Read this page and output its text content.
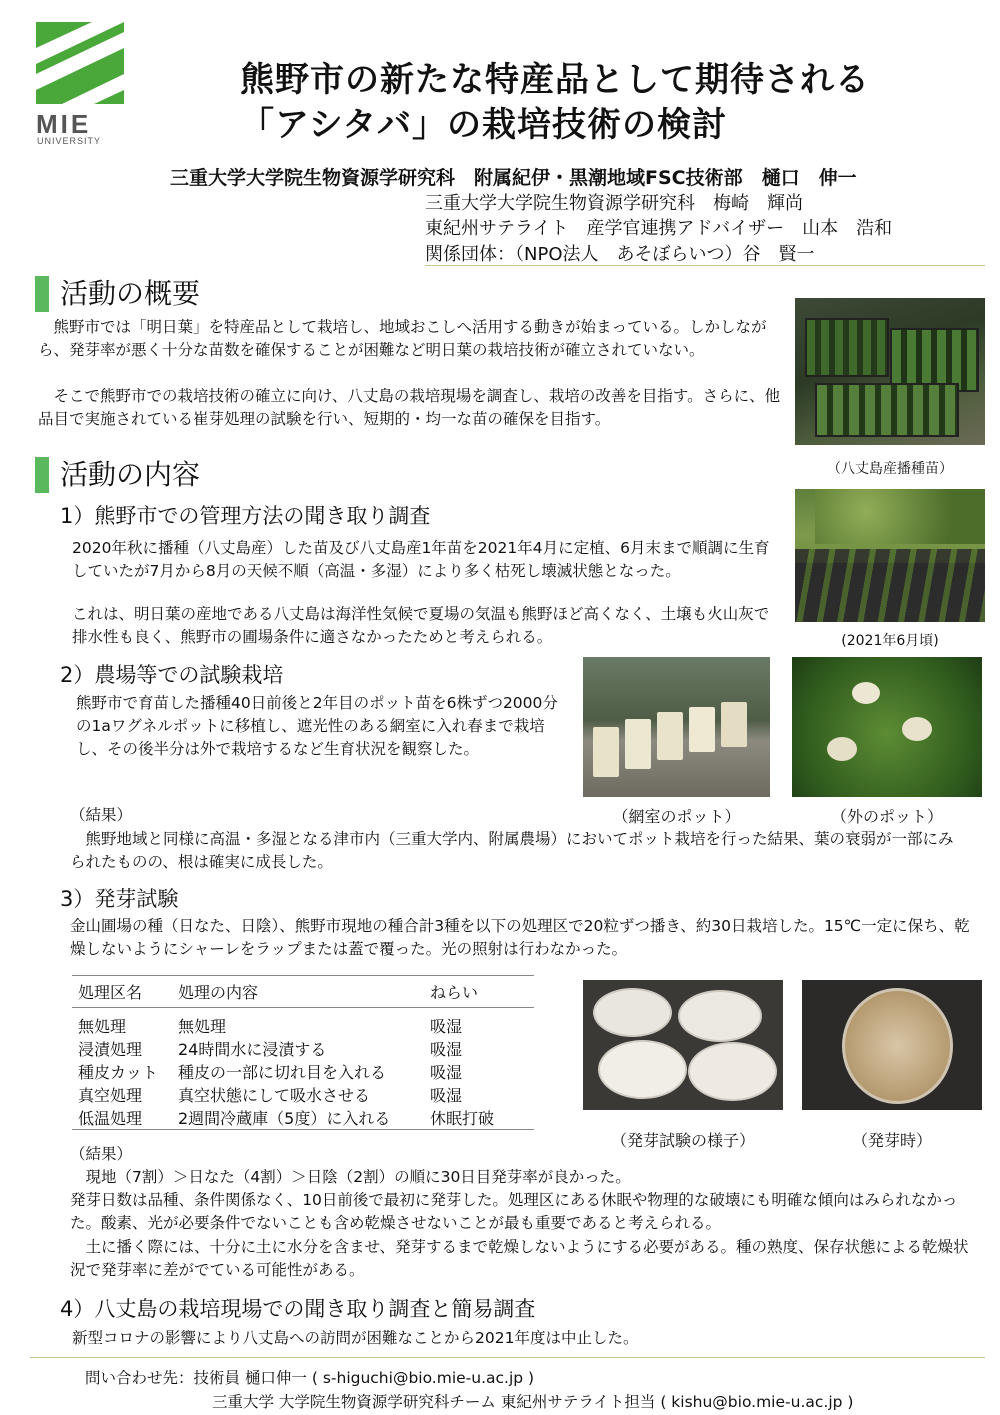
MIE
UNIVERSITY
熊野市の新たな特産品として期待される
「アシタバ」の栽培技術の検討
三重大学大学院生物資源学研究科　附属紀伊・黒潮地域FSC技術部　樋口　伸一
三重大学大学院生物資源学研究科　梅崎　輝尚
東紀州サテライト　産学官連携アドバイザー　山本　浩和
関係団体：（NPO法人　あそぼらいつ）谷　賢一
活動の概要
　熊野市では「明日葉」を特産品として栽培し、地域おこしへ活用する動きが始まっている。しかしながら、発芽率が悪く十分な苗数を確保することが困難など明日葉の栽培技術が確立されていない。
　そこで熊野市での栽培技術の確立に向け、八丈島の栽培現場を調査し、栽培の改善を目指す。さらに、他品目で実施されている崔芽処理の試験を行い、短期的・均一な苗の確保を目指す。
（八丈島産播種苗）
活動の内容
1）熊野市での管理方法の聞き取り調査
2020年秋に播種（八丈島産）した苗及び八丈島産1年苗を2021年4月に定植、6月末まで順調に生育していたが7月から8月の天候不順（高温・多湿）により多く枯死し壊滅状態となった。
これは、明日葉の産地である八丈島は海洋性気候で夏場の気温も熊野ほど高くなく、土壌も火山灰で排水性も良く、熊野市の圃場条件に適さなかったためと考えられる。	(2021年6月頃)
2）農場等での試験栽培
熊野市で育苗した播種40日前後と2年目のポット苗を6株ずつ2000分の1aワグネルポットに移植し、遮光性のある網室に入れ春まで栽培し、その後半分は外で栽培するなど生育状況を観察した。
（網室のポット）	（外のポット）
（結果）
　熊野地域と同様に高温・多湿となる津市内（三重大学内、附属農場）においてポット栽培を行った結果、葉の衰弱が一部にみられたものの、根は確実に成長した。
3）発芽試験
金山圃場の種（日なた、日陰）、熊野市現地の種合計3種を以下の処理区で20粒ずつ播き、約30日栽培した。15℃一定に保ち、乾燥しないようにシャーレをラップまたは蓋で覆った。光の照射は行わなかった。
処理区名	処理の内容	ねらい
無処理	無処理	吸湿
浸漬処理	24時間水に浸漬する	吸湿
種皮カット	種皮の一部に切れ目を入れる	吸湿
真空処理	真空状態にして吸水させる	吸湿
低温処理	2週間冷蔵庫（5度）に入れる	休眠打破
（発芽試験の様子）	（発芽時）
（結果）
　現地（7割）＞日なた（4割）＞日陰（2割）の順に30日目発芽率が良かった。
発芽日数は品種、条件関係なく、10日前後で最初に発芽した。処理区にある休眠や物理的な破壊にも明確な傾向はみられなかった。酸素、光が必要条件でないことも含め乾燥させないことが最も重要であると考えられる。
　土に播く際には、十分に土に水分を含ませ、発芽するまで乾燥しないようにする必要がある。種の熟度、保存状態による乾燥状況で発芽率に差がでている可能性がある。
4）八丈島の栽培現場での聞き取り調査と簡易調査
新型コロナの影響により八丈島への訪問が困難なことから2021年度は中止した。
問い合わせ先：技術員 樋口伸一 ( s-higuchi@bio.mie-u.ac.jp )
三重大学 大学院生物資源学研究科チーム 東紀州サテライト担当 ( kishu@bio.mie-u.ac.jp )
